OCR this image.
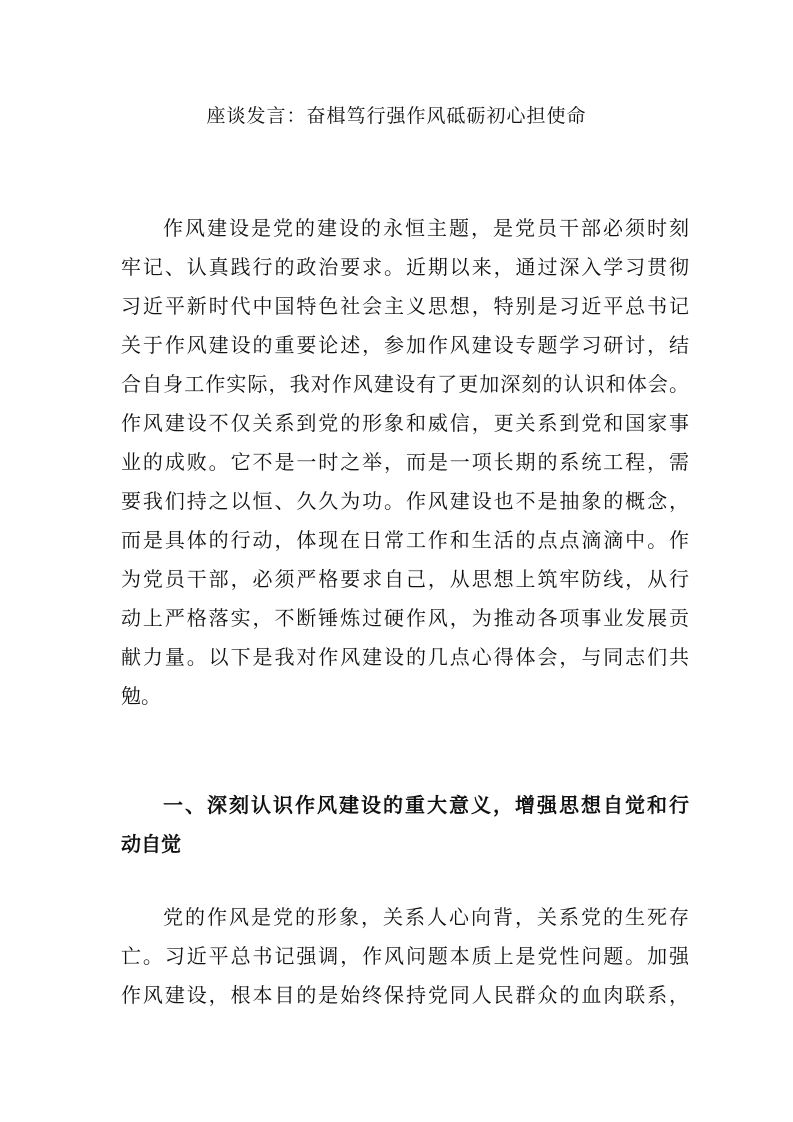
座谈发言：奋楫笃行强作风砥砺初心担使命
作风建设是党的建设的永恒主题，是党员干部必须时刻
牢记、认真践行的政治要求。近期以来，通过深入学习贯彻
习近平新时代中国特色社会主义思想，特别是习近平总书记
关于作风建设的重要论述，参加作风建设专题学习研讨，结
合自身工作实际，我对作风建设有了更加深刻的认识和体会。
作风建设不仅关系到党的形象和威信，更关系到党和国家事
业的成败。它不是一时之举，而是一项长期的系统工程，需
要我们持之以恒、久久为功。作风建设也不是抽象的概念，
而是具体的行动，体现在日常工作和生活的点点滴滴中。作
为党员干部，必须严格要求自己，从思想上筑牢防线，从行
动上严格落实，不断锤炼过硬作风，为推动各项事业发展贡
献力量。以下是我对作风建设的几点心得体会，与同志们共
勉。
一、深刻认识作风建设的重大意义，增强思想自觉和行
动自觉
党的作风是党的形象，关系人心向背，关系党的生死存
亡。习近平总书记强调，作风问题本质上是党性问题。加强
作风建设，根本目的是始终保持党同人民群众的血肉联系，
